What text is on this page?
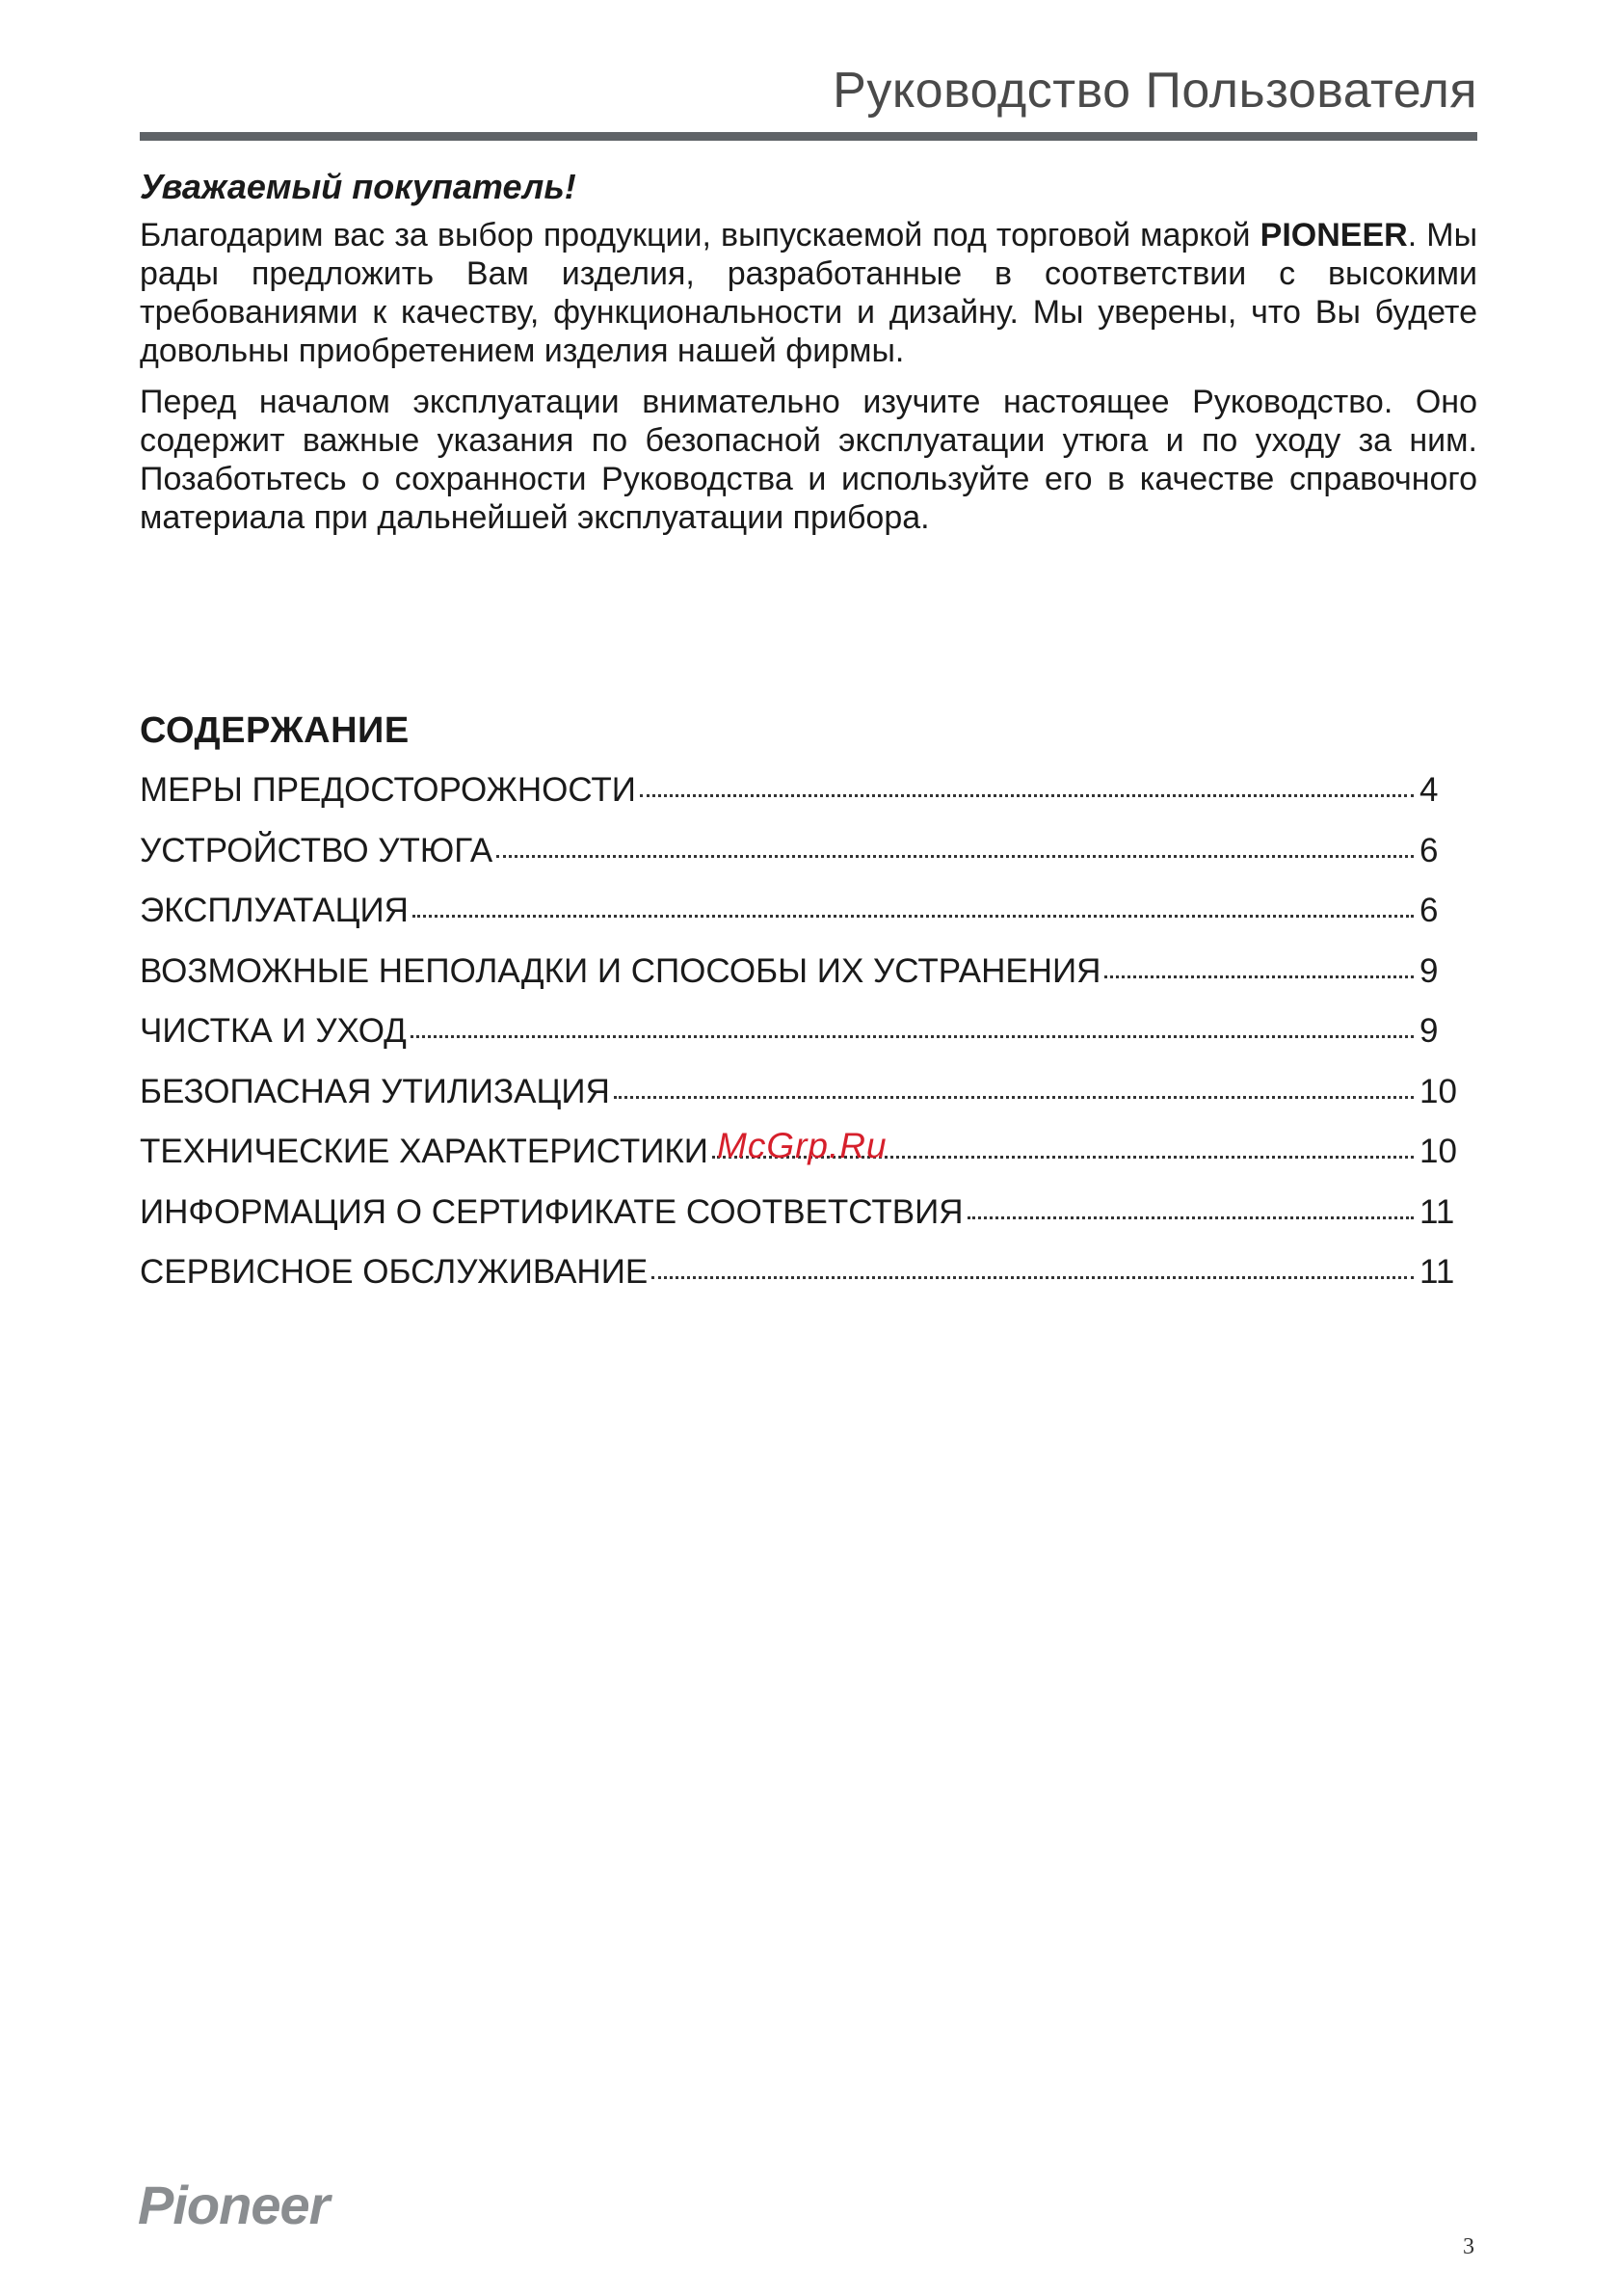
Руководство Пользователя
Уважаемый покупатель!

Благодарим вас за выбор продукции, выпускаемой под торговой маркой PIONEER. Мы рады предложить Вам изделия, разработанные в соответствии с высокими требованиями к качеству, функциональности и дизайну. Мы уверены, что Вы будете довольны приобретением изделия нашей фирмы.

Перед началом эксплуатации внимательно изучите настоящее Руководство. Оно содержит важные указания по безопасной эксплуатации утюга и по уходу за ним. Позаботьтесь о сохранности Руководства и используйте его в качестве справочного материала при дальнейшей эксплуатации прибора.

СОДЕРЖАНИЕ
МЕРЫ ПРЕДОСТОРОЖНОСТИ	4
УСТРОЙСТВО УТЮГА	6
ЭКСПЛУАТАЦИЯ	6
ВОЗМОЖНЫЕ НЕПОЛАДКИ И СПОСОБЫ ИХ УСТРАНЕНИЯ	9
ЧИСТКА И УХОД	9
БЕЗОПАСНАЯ УТИЛИЗАЦИЯ	10
ТЕХНИЧЕСКИЕ ХАРАКТЕРИСТИКИ	10
ИНФОРМАЦИЯ О СЕРТИФИКАТЕ СООТВЕТСТВИЯ	11
СЕРВИСНОЕ ОБСЛУЖИВАНИЕ	11
McGrp.Ru
Pioneer
3
